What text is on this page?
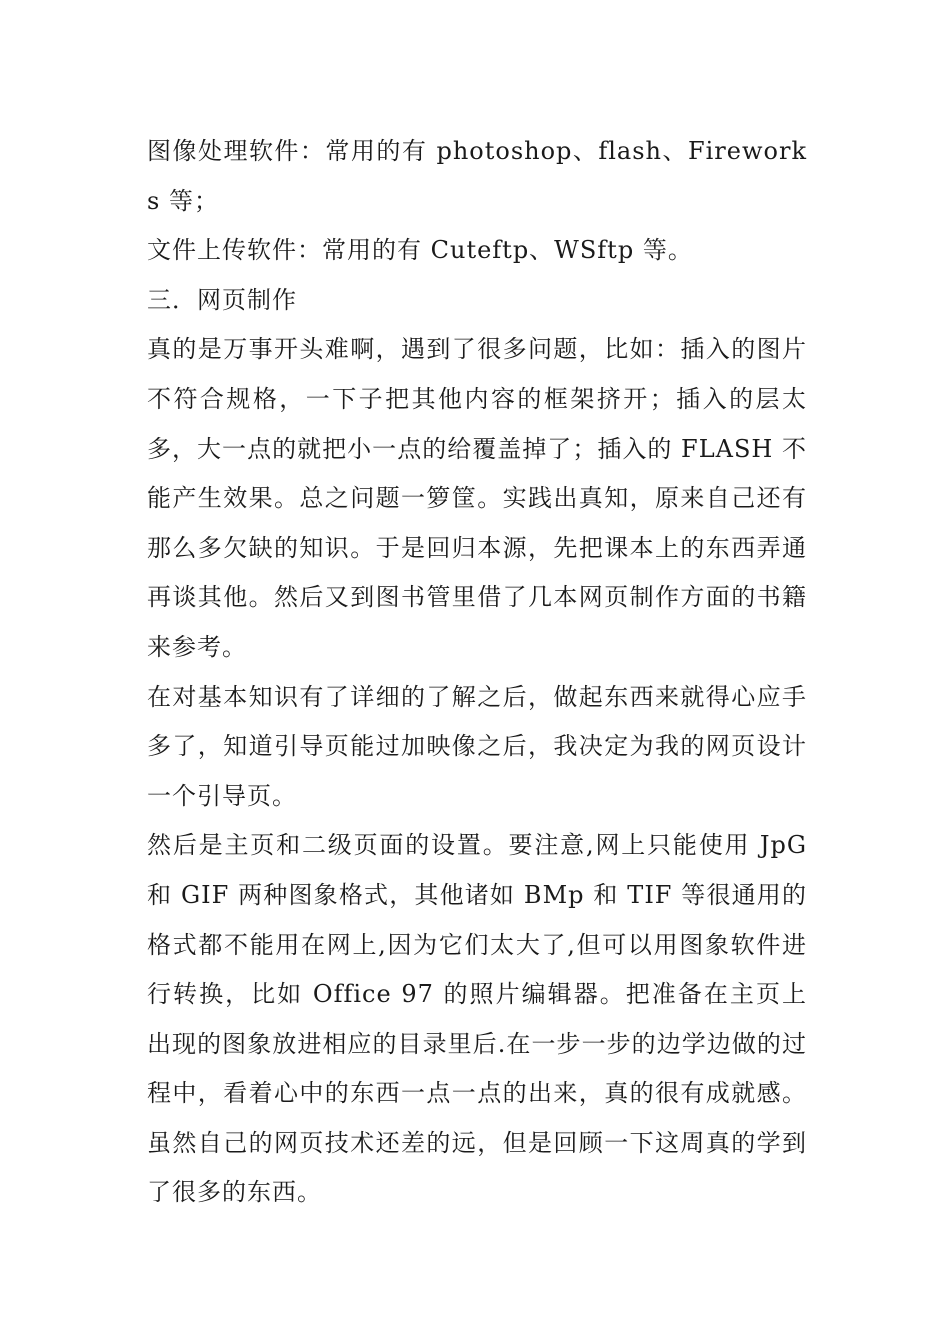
图像处理软件：常用的有 photoshop、flash、Fireworks 等；

文件上传软件：常用的有 Cuteftp、WSftp 等。

三．网页制作

真的是万事开头难啊，遇到了很多问题，比如：插入的图片不符合规格，一下子把其他内容的框架挤开；插入的层太多，大一点的就把小一点的给覆盖掉了；插入的 FLASH 不能产生效果。总之问题一箩筐。实践出真知，原来自己还有那么多欠缺的知识。于是回归本源，先把课本上的东西弄通再谈其他。然后又到图书管里借了几本网页制作方面的书籍来参考。

在对基本知识有了详细的了解之后，做起东西来就得心应手多了，知道引导页能过加映像之后，我决定为我的网页设计一个引导页。

然后是主页和二级页面的设置。要注意,网上只能使用 JpG 和 GIF 两种图象格式，其他诸如 BMp 和 TIF 等很通用的格式都不能用在网上,因为它们太大了,但可以用图象软件进行转换，比如 Office 97 的照片编辑器。把准备在主页上出现的图象放进相应的目录里后.在一步一步的边学边做的过程中，看着心中的东西一点一点的出来，真的很有成就感。虽然自己的网页技术还差的远，但是回顾一下这周真的学到了很多的东西。
